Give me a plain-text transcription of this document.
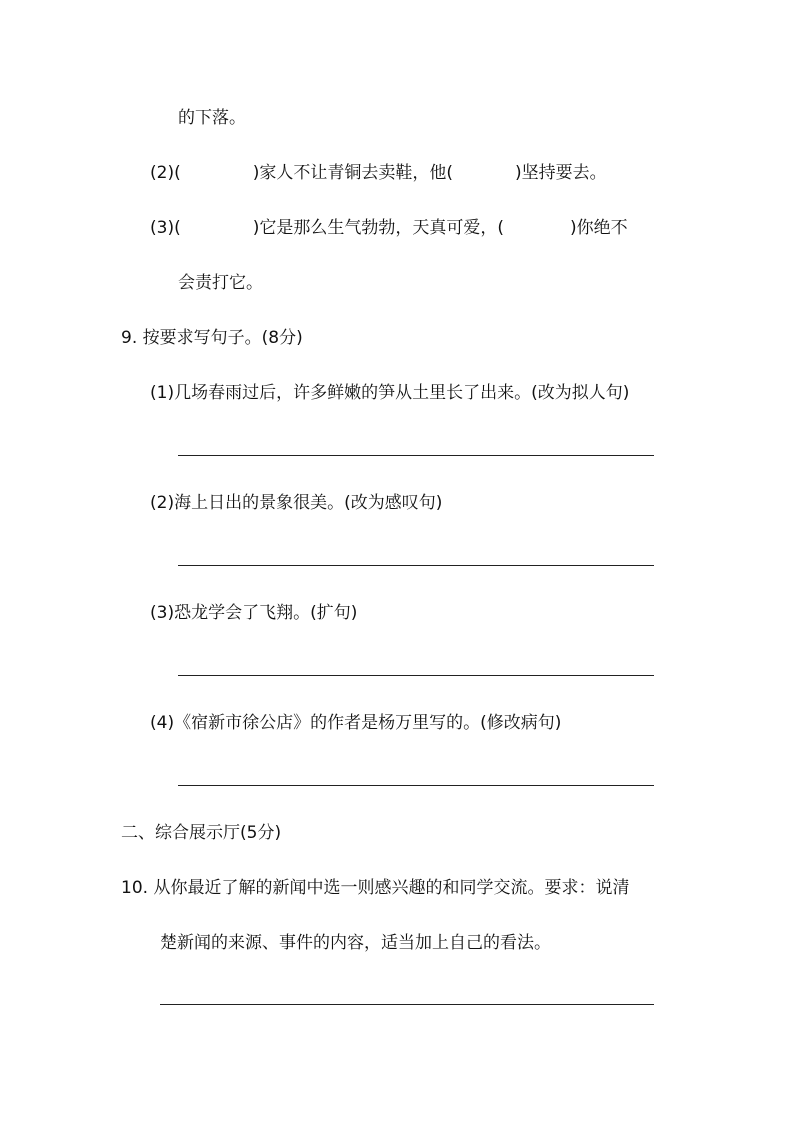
的下落。
(2)(	)家人不让青铜去卖鞋，他(	)坚持要去。
(3)(	)它是那么生气勃勃，天真可爱，(	)你绝不
会责打它。
9. 按要求写句子。(8分)
(1)几场春雨过后，许多鲜嫩的笋从土里长了出来。(改为拟人句)
(2)海上日出的景象很美。(改为感叹句)
(3)恐龙学会了飞翔。(扩句)
(4)《宿新市徐公店》的作者是杨万里写的。(修改病句)
二、综合展示厅(5分)
10. 从你最近了解的新闻中选一则感兴趣的和同学交流。要求：说清
楚新闻的来源、事件的内容，适当加上自己的看法。
